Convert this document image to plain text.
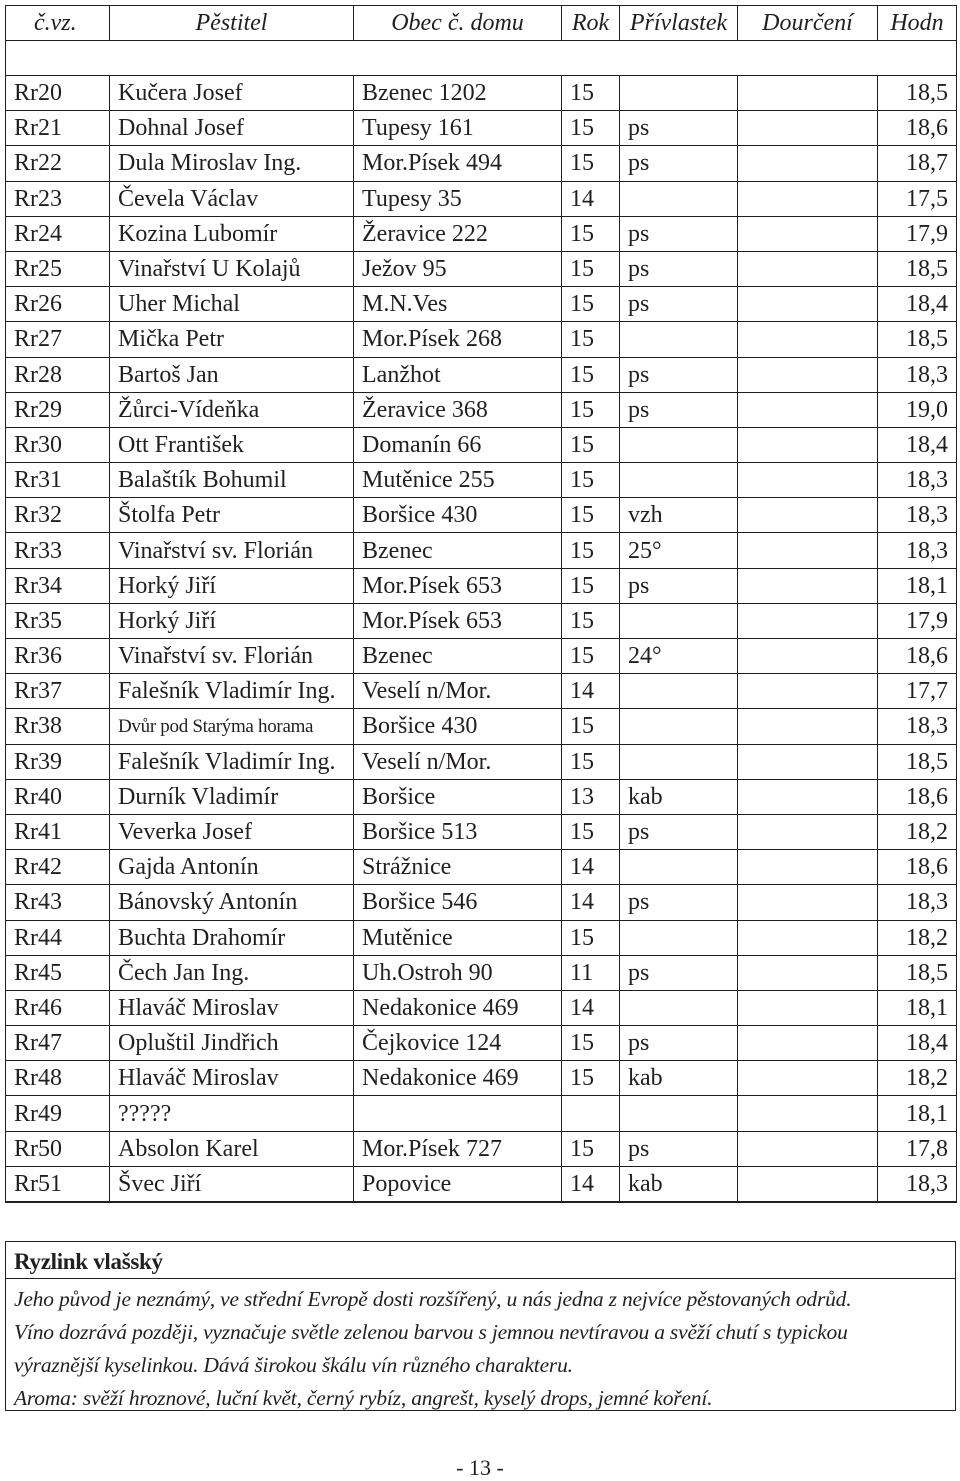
č.vz.	Pěstitel	Obec č. domu	Rok	Přívlastek	Dourčení	Hodn

Rr20	Kučera Josef	Bzenec 1202	15			18,5
Rr21	Dohnal Josef	Tupesy 161	15	ps		18,6
Rr22	Dula Miroslav Ing.	Mor.Písek 494	15	ps		18,7
Rr23	Čevela Václav	Tupesy 35	14			17,5
Rr24	Kozina Lubomír	Žeravice 222	15	ps		17,9
Rr25	Vinařství U Kolajů	Ježov 95	15	ps		18,5
Rr26	Uher Michal	M.N.Ves	15	ps		18,4
Rr27	Mička Petr	Mor.Písek 268	15			18,5
Rr28	Bartoš Jan	Lanžhot	15	ps		18,3
Rr29	Žůrci-Vídeňka	Žeravice 368	15	ps		19,0
Rr30	Ott František	Domanín 66	15			18,4
Rr31	Balaštík Bohumil	Mutěnice 255	15			18,3
Rr32	Štolfa Petr	Boršice 430	15	vzh		18,3
Rr33	Vinařství sv. Florián	Bzenec	15	25°		18,3
Rr34	Horký Jiří	Mor.Písek 653	15	ps		18,1
Rr35	Horký Jiří	Mor.Písek 653	15			17,9
Rr36	Vinařství sv. Florián	Bzenec	15	24°		18,6
Rr37	Falešník Vladimír Ing.	Veselí n/Mor.	14			17,7
Rr38	Dvůr pod Starýma horama	Boršice 430	15			18,3
Rr39	Falešník Vladimír Ing.	Veselí n/Mor.	15			18,5
Rr40	Durník Vladimír	Boršice	13	kab		18,6
Rr41	Veverka Josef	Boršice 513	15	ps		18,2
Rr42	Gajda Antonín	Strážnice	14			18,6
Rr43	Bánovský Antonín	Boršice 546	14	ps		18,3
Rr44	Buchta Drahomír	Mutěnice	15			18,2
Rr45	Čech Jan Ing.	Uh.Ostroh 90	11	ps		18,5
Rr46	Hlaváč Miroslav	Nedakonice 469	14			18,1
Rr47	Opluštil Jindřich	Čejkovice 124	15	ps		18,4
Rr48	Hlaváč Miroslav	Nedakonice 469	15	kab		18,2
Rr49	?????					18,1
Rr50	Absolon Karel	Mor.Písek 727	15	ps		17,8
Rr51	Švec Jiří	Popovice	14	kab		18,3

Ryzlink vlašský
Jeho původ je neznámý, ve střední Evropě dosti rozšířený, u nás jedna z nejvíce pěstovaných odrůd.
Víno dozrává později, vyznačuje světle zelenou barvou s jemnou nevtíravou a svěží chutí s typickou
výraznější kyselinkou. Dává širokou škálu vín různého charakteru.
Aroma: svěží hroznové, luční květ, černý rybíz, angrešt, kyselý drops, jemné koření.
- 13 -
